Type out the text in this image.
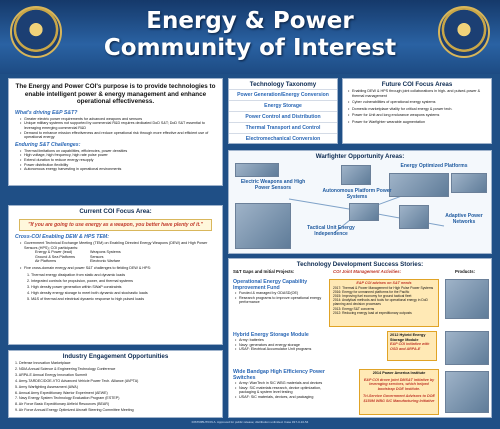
Energy & Power
Community of Interest
The Energy and Power COI's purpose is to provide technologies to enable intelligent power & energy management and enhance operational effectiveness.
What's driving E&P S&T?
• Greater electric power requirements for advanced weapons and sensors
• Unique military systems not supported by commercial R&D requires dedicated DoD S&T; DoD S&T essential to leveraging emerging commercial R&D
• Demand to enhance mission effectiveness and reduce operational risk through more effective and efficient use of operational energy
Enduring S&T Challenges:
• Thermal limitations on capabilities, efficiencies, power densities
• High voltage, high frequency, high rate pulse power
• Extend duration to reduce energy resupply
• Power distribution flexibility
• Autonomous energy harvesting in operational environments
Current COI Focus Area:
"If you are going to use energy as a weapon, you better have plenty of it."
Cross-COI Enabling DEW & HPS TEM:
• Government Technical Exchange Meeting (TEM) on Enabling Directed Energy Weapons (DEW) and High Power Sensors (HPS); COI participants:
Energy & Power (lead)	Weapons Systems
Ground & Sea Platforms	Sensors
Air Platforms	Electronic Warfare
• Five cross-domain energy and power S&T challenges to fielding DEW & HPS:
1. Thermal energy dissipation from static and dynamic loads
2. Integrated controls for propulsion, power, and thermal systems
3. High density power generation within SWaP constraints
4. High density energy storage to meet both dynamic and stochastic loads
5. M&S of thermal and electrical dynamic response to high pulsed loads
Industry Engagement Opportunities
1. Defense Innovation Marketplace
2. NDIA Annual Science & Engineering Technology Conference
3. ARPA-E Annual Energy Innovation Summit
4. Army-TARDEC/DOE-VTO Advanced Vehicle Power Tech. Alliance (AVPTA)
5. Army Warfighting Assessment (AWA)
6. Annual Army Expeditionary Warrior Experiment (AEWE)
7. Navy Energy System Technology Evaluation Program (ESTEP)
8. Air Force Basic Expeditionary Airfield Resources (BEAR)
9. Air Force Annual Energy Optimized Aircraft Steering Committee Meeting
Technology Taxonomy
Power Generation/Energy Conversion
Energy Storage
Power Control and Distribution
Thermal Transport and Control
Electromechanical Conversion
Future COI Focus Areas
• Enabling DEW & HPS through joint collaborations in high- and pulsed-power & thermal management
• Cyber vulnerabilities of operational energy systems
• Domestic marketplace vitality for critical energy & power tech.
• Power for Unit and long endurance weapons systems
• Power for Warfighter wearable augmentation
Warfighter Opportunity Areas:
Electric Weapons and High Power Sensors
Energy Optimized Platforms
Autonomous Platform Power Systems
Tactical Unit Energy Independence
Adaptive Power Networks
Technology Development Success Stories:
S&T Gaps and Initial Projects:	COI Joint Management Activities:	Products:
Operational Energy Capability Improvement Fund
• Funded & managed by ODASD(OE)
• Research programs to improve operational energy performance
E&P COI advises on S&T needs
2017: Thermal & Power Management for High Pulse Power Systems
2016: Energy for unmanned platforms for the Pacific
2015: Improving fuel economy for ground tactical fleet
2014: Analytical methods and tools for operational energy in DoD planning and decision processes
2013: Energy S&T concerns
2012: Reducing energy load at expeditionary outposts
Hybrid Energy Storage Module
• Army: batteries
• Navy: generators and energy storage
• USAF: Electrical Accumulator Unit programs
2012 Hybrid Energy Storage Module
E&P COI initiative with OSD and ARPA-E
Wide Bandgap High Efficiency Power Switches
• Army: WanTech in SiC WBG materials and devices
• Navy: SiC materials research, device optimization, packaging & system level testing
• USAF: SiC materials, devices, and packaging
2014 Power America Institute
E&P COI drove joint DMS&T initiative by leveraging services, which helped bootstrap DOE Institute.
Tri-Service Government Advisors to DOE $150M WBG SiC Manufacturing Initiative
DISTRIBUTION A. Approved for public release; distribution unlimited. Case #17-3-10-54
